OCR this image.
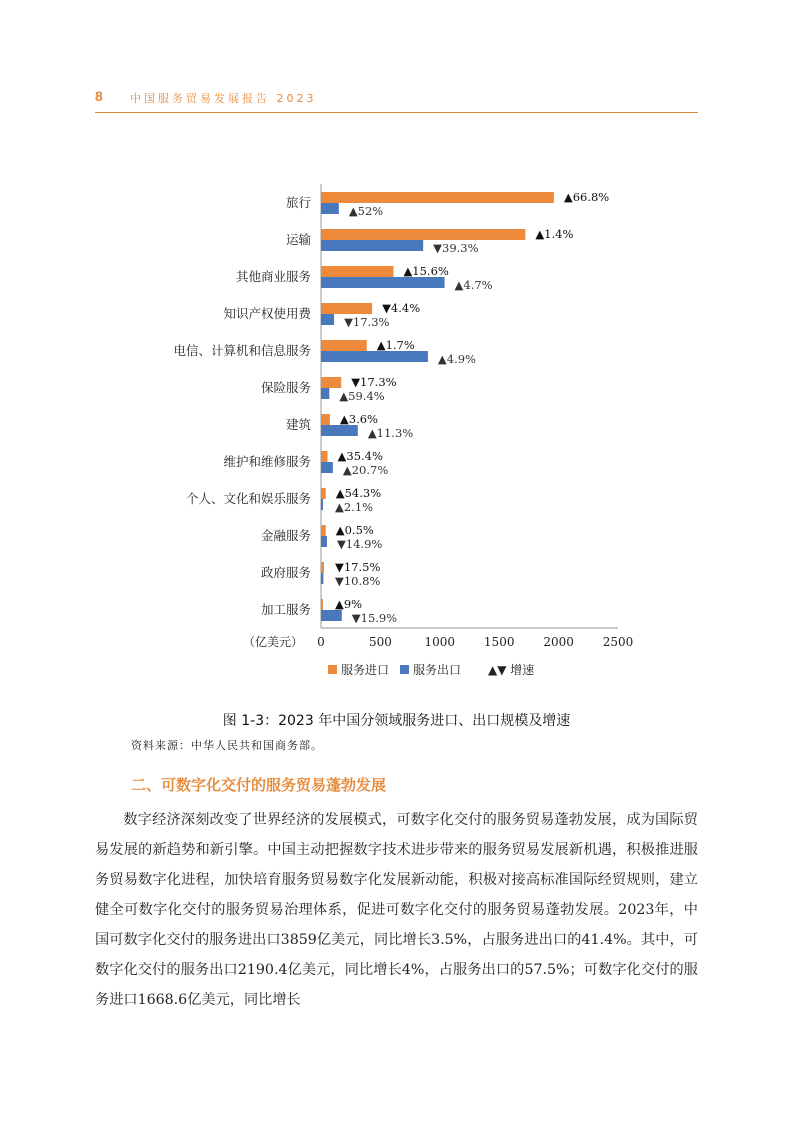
8 中国服务贸易发展报告 2023
旅行	▲66.8%
▲52%
运输	▲1.4%
▼39.3%
其他商业服务	▲15.6%
▲4.7%
知识产权使用费	▼4.4%
▼17.3%
电信、计算机和信息服务	▲1.7%
▲4.9%
保险服务	▼17.3%
▲59.4%
建筑	▲3.6%
▲11.3%
维护和维修服务 ▲35.4%
▲20.7%
个人、文化和娱乐服务 ▲54.3%
▲2.1%
金融服务 ▲0.5%
▼14.9%
政府服务 ▼17.5%
▼10.8%
加工服务 ▲9%
▼15.9%
0	500	1000 1500 2000 2500
（亿美元）
服务进口 服务出口 ▲▼ 增速
图 1-3：2023 年中国分领域服务进口、出口规模及增速
资料来源：中华人民共和国商务部。
二、可数字化交付的服务贸易蓬勃发展

数字经济深刻改变了世界经济的发展模式，可数字化交付的服务贸易蓬勃发展，成为国际贸易发展的新趋势和新引擎。中国主动把握数字技术进步带来的服务贸易发展新机遇，积极推进服务贸易数字化进程，加快培育服务贸易数字化发展新动能，积极对接高标准国际经贸规则，建立健全可数字化交付的服务贸易治理体系，促进可数字化交付的服务贸易蓬勃发展。2023年，中国可数字化交付的服务进出口3859亿美元，同比增长3.5%，占服务进出口的41.4%。其中，可数字化交付的服务出口2190.4亿美元，同比增长4%，占服务出口的57.5%；可数字化交付的服务进口1668.6亿美元，同比增长
